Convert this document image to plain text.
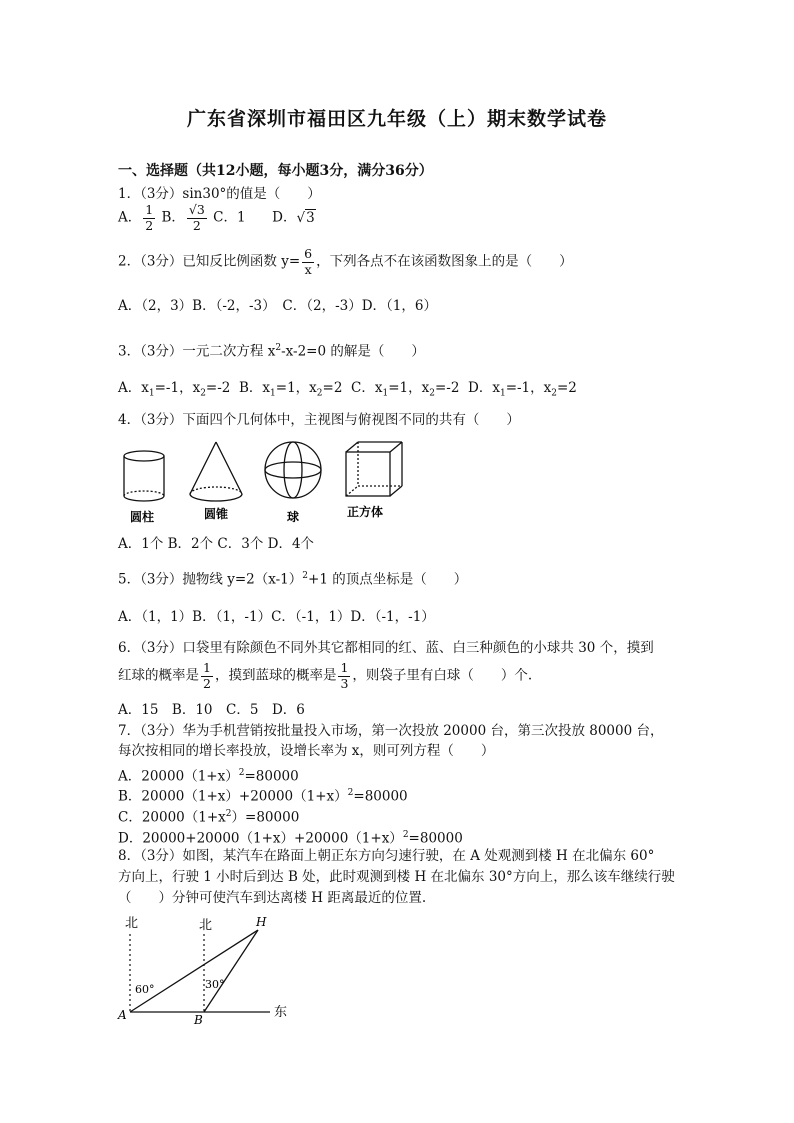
广东省深圳市福田区九年级（上）期末数学试卷
一、选择题（共12小题，每小题3分，满分36分）
1．（3分）sin30°的值是（　　）
A． $\frac{1}{2}$ B． $\frac{√3}{2}$ C．1 D．√3
2．（3分）已知反比例函数 $y= \frac{6}{x}$ ，下列各点不在该函数图象上的是（　　）
A．（2，3）B．（-2，-3）　C．（2，-3）D．（1，6）
3．（3分）一元二次方程 $x^2-x-2=0$ 的解是（　　）
A．$x_1=-1$，$x_2=-2$ B．$x_1=1$，$x_2=2$ C．$x_1=1$，$x_2=-2$ D．$x_1=-1$，$x_2=2$
4．（3分）下面四个几何体中，主视图与俯视图不同的共有（　　）
圆柱	圆锥	球	正方体
A．1个 B．2个 C．3个 D．4个
5．（3分）抛物线 $y=2(x-1)^2+1$ 的顶点坐标是（　　）
A．（1，1）B．（1，-1）C．（-1，1）D．（-1，-1）
6．（3分）口袋里有除颜色不同外其它都相同的红、蓝、白三种颜色的小球共 30 个，摸到
红球的概率是 $\frac{1}{2}$ ，摸到蓝球的概率是 $\frac{1}{3}$ ，则袋子里有白球（　　）个.
A．15　B．10　C．5　D．6
7．（3分）华为手机营销按批量投入市场，第一次投放 20000 台，第三次投放 80000 台，
每次按相同的增长率投放，设增长率为 x，则可列方程（　　）
A．$20000(1+x)^2=80000$
B．$20000(1+x)+20000(1+x)^2=80000$
C．$20000(1+x^2)=80000$
D．$20000+20000(1+x)+20000(1+x)^2=80000$
8．（3分）如图，某汽车在路面上朝正东方向匀速行驶，在 A 处观测到楼 H 在北偏东 60°
方向上，行驶 1 小时后到达 B 处，此时观测到楼 H 在北偏东 30°方向上，那么该车继续行驶
（　　）分钟可使汽车到达离楼 H 距离最近的位置.
北	北
东
A	B
H
60°	30°
